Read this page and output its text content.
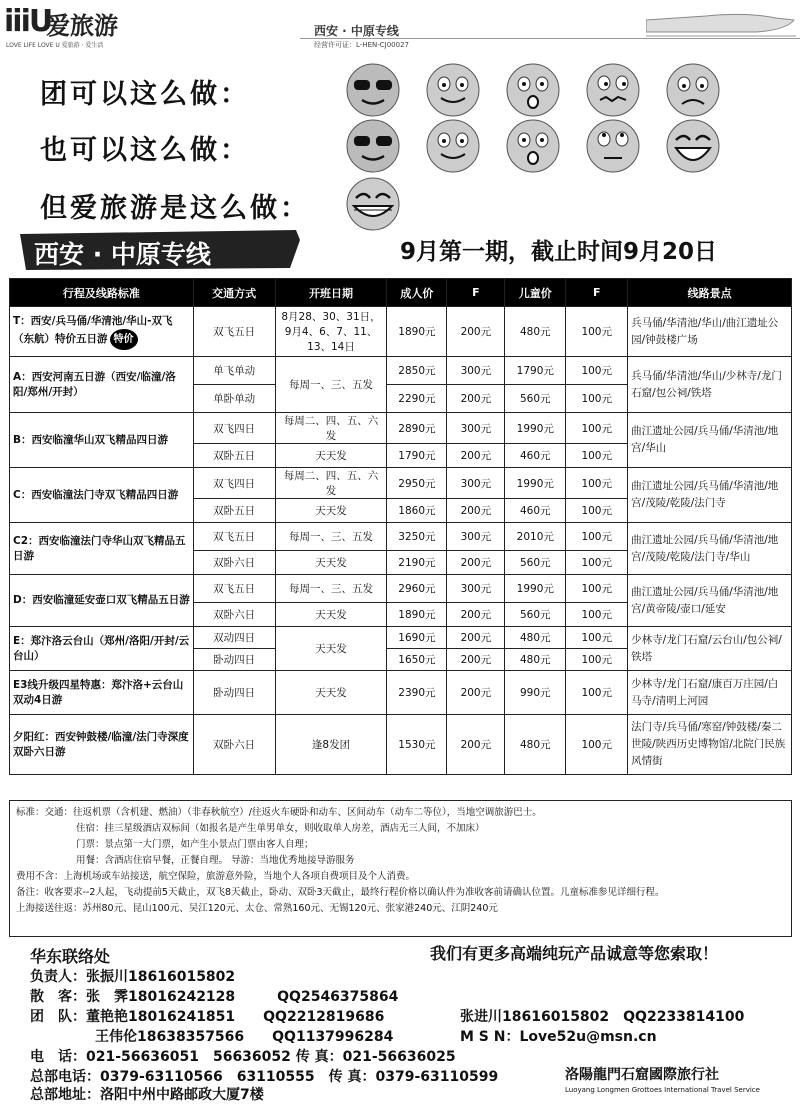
iiiU
爱旅游
LOVE LIFE LOVE U 爱旅游 · 爱生活
西安 · 中原专线
经营许可证：L-HEN-CJ00027
团可以这么做：
也可以这么做：
但爱旅游是这么做：
西安 · 中原专线	9月第一期，截止时间9月20日
行程及线路标准	交通方式	开班日期	成人价	F	儿童价	F	线路景点
T：西安/兵马俑/华清池/华山-双飞（东航）特价五日游 特价	双飞五日	8月28、30、31日，9月4、6、7、11、13、14日	1890元	200元	480元	100元	兵马俑/华清池/华山/曲江遗址公园/钟鼓楼广场
A：西安河南五日游（西安/临潼/洛阳/郑州/开封）	单飞单动	每周一、三、五发	2850元	300元	1790元	100元	兵马俑/华清池/华山/少林寺/龙门石窟/包公祠/铁塔
	单卧单动		2290元	200元	560元	100元	
B：西安临潼华山双飞精品四日游	双飞四日	每周二、四、五、六发	2890元	300元	1990元	100元	曲江遗址公园/兵马俑/华清池/地宫/华山
	双卧五日	天天发	1790元	200元	460元	100元	
C：西安临潼法门寺双飞精品四日游	双飞四日	每周二、四、五、六发	2950元	300元	1990元	100元	曲江遗址公园/兵马俑/华清池/地宫/茂陵/乾陵/法门寺
	双卧五日	天天发	1860元	200元	460元	100元	
C2：西安临潼法门寺华山双飞精品五日游	双飞五日	每周一、三、五发	3250元	300元	2010元	100元	曲江遗址公园/兵马俑/华清池/地宫/茂陵/乾陵/法门寺/华山
	双卧六日	天天发	2190元	200元	560元	100元	
D：西安临潼延安壶口双飞精品五日游	双飞五日	每周一、三、五发	2960元	300元	1990元	100元	曲江遗址公园/兵马俑/华清池/地宫/黄帝陵/壶口/延安
	双卧六日	天天发	1890元	200元	560元	100元	
E：郑汴洛云台山（郑州/洛阳/开封/云台山）	双动四日	天天发	1690元	200元	480元	100元	少林寺/龙门石窟/云台山/包公祠/铁塔
	卧动四日		1650元	200元	480元	100元	
E3线升级四星特惠：郑汴洛+云台山双动4日游	卧动四日	天天发	2390元	200元	990元	100元	少林寺/龙门石窟/康百万庄园/白马寺/清明上河园
夕阳红：西安钟鼓楼/临潼/法门寺深度双卧六日游	双卧六日	逢8发团	1530元	200元	480元	100元	法门寺/兵马俑/寒窑/钟鼓楼/秦二世陵/陕西历史博物馆/北院门民族风情街
标准：交通：往返机票（含机建、燃油）（非春秋航空）/往返火车硬卧和动车、区间动车（动车二等位），当地空调旅游巴士。
住宿：挂三星级酒店双标间（如报名是产生单男单女，则收取单人房差，酒店无三人间，不加床）
门票：景点第一大门票，如产生小景点门票由客人自理；
用餐：含酒店住宿早餐，正餐自理。 导游：当地优秀地接导游服务
费用不含：上海机场或车站接送，航空保险，旅游意外险，当地个人各项自费项目及个人消费。
备注：收客要求--2人起，飞动提前5天截止，双飞8天截止，卧动、双卧3天截止，最终行程价格以确认件为准收客前请确认位置。儿童标准参见详细行程。
上海接送往返：苏州80元、昆山100元、吴江120元、太仓、常熟160元、无锡120元、张家港240元、江阴240元
我们有更多高端纯玩产品诚意等您索取！
华东联络处
负责人：张振川18616015802
散　客：张　霁18016242128　　　QQ2546375864
团　队：董艳艳18016241851　　QQ2212819686	张进川18616015802　QQ2233814100
王伟伦18638357566　　QQ1137996284	M S N：Love52u@msn.cn
电　话：021-56636051　56636052 传 真：021-56636025
总部电话：0379-63110566　63110555　传 真：0379-63110599
总部地址：洛阳中州中路邮政大厦7楼
洛陽龍門石窟國際旅行社
Luoyang Longmen Grottoes International Travel Service
